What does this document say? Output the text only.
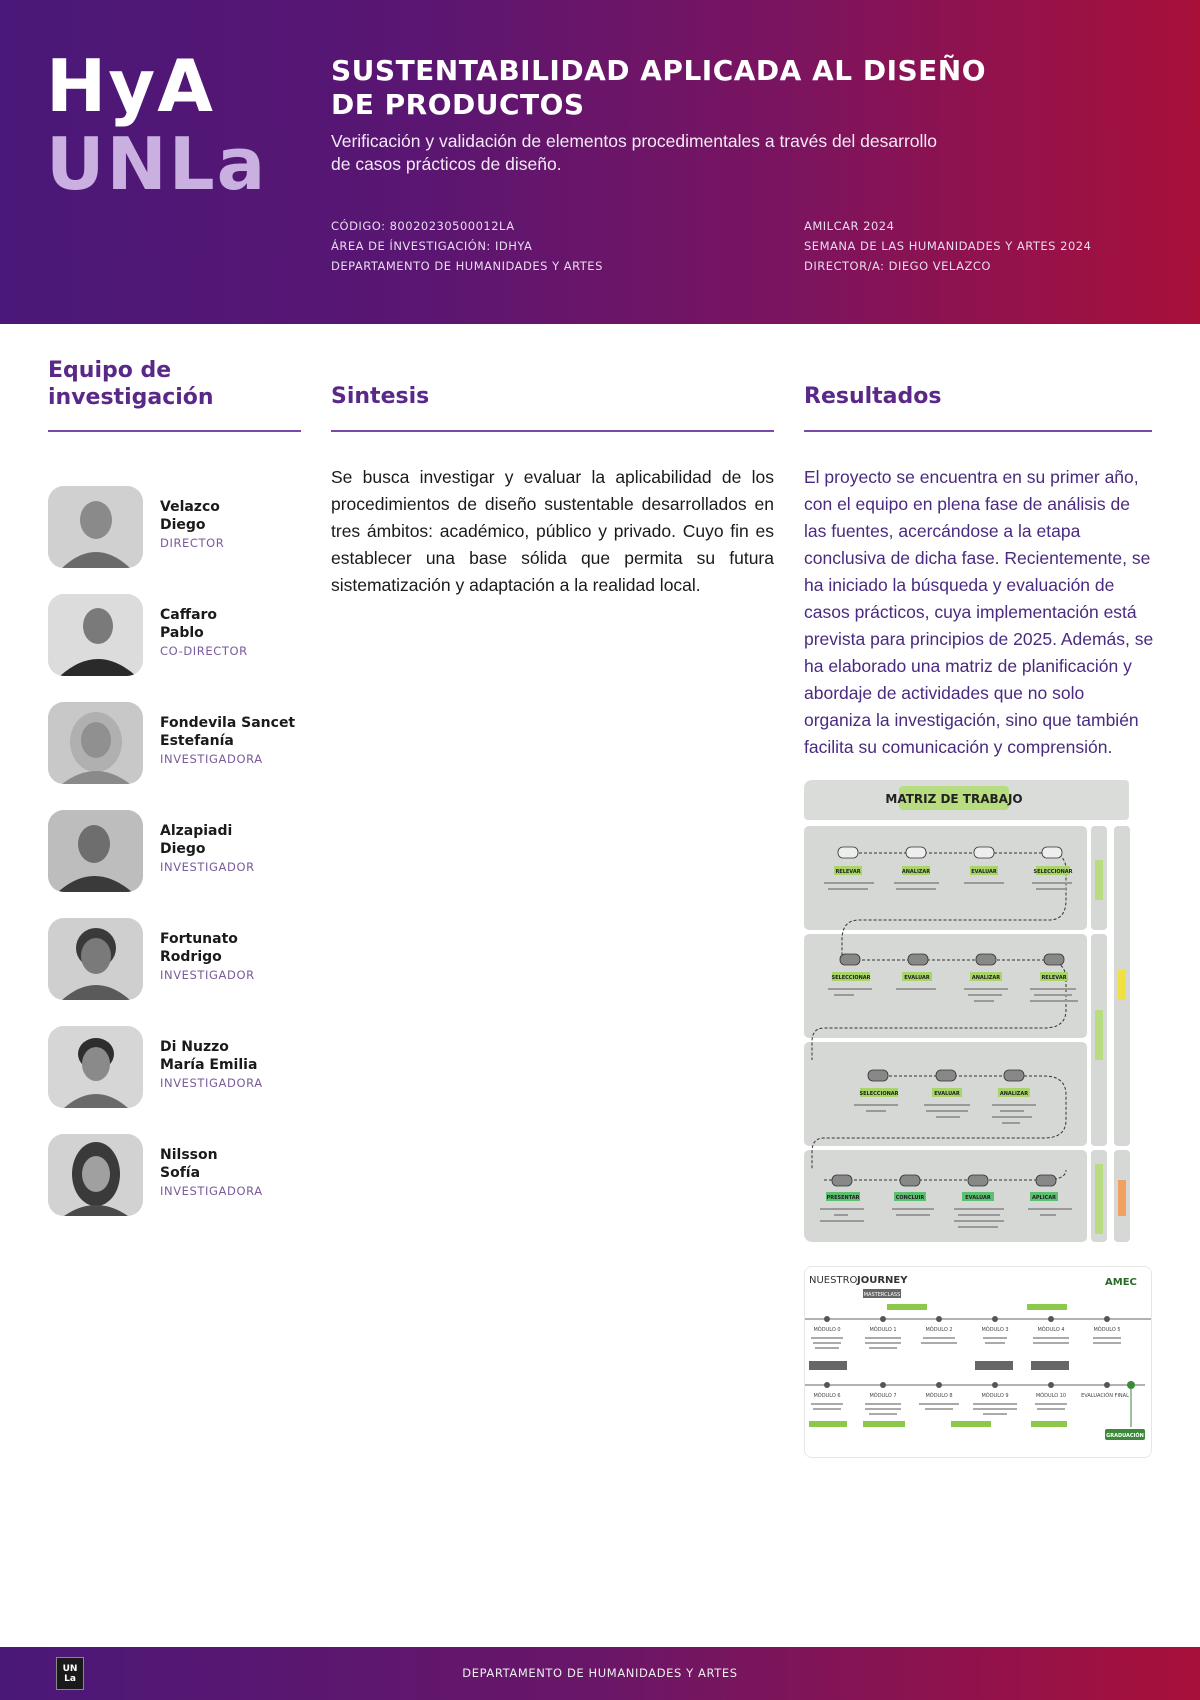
HyA
UNLa
SUSTENTABILIDAD APLICADA AL DISEÑO
DE PRODUCTOS
Verificación y validación de elementos procedimentales a través del desarrollo
de casos prácticos de diseño.
CÓDIGO: 80020230500012LA
ÁREA DE ÍNVESTIGACIÓN: IDHYA
DEPARTAMENTO DE HUMANIDADES Y ARTES
AMILCAR 2024
SEMANA DE LAS HUMANIDADES Y ARTES 2024
DIRECTOR/A: DIEGO VELAZCO
Equipo de
investigación	Sintesis	Resultados
Velazco
Diego
DIRECTOR
Caffaro
Pablo
CO-DIRECTOR
Fondevila Sancet
Estefanía
INVESTIGADORA
Alzapiadi
Diego
INVESTIGADOR
Fortunato
Rodrigo
INVESTIGADOR
Di Nuzzo
María Emilia
INVESTIGADORA
Nilsson
Sofía
INVESTIGADORA

Se busca investigar y evaluar la aplicabilidad de los procedimientos de diseño sustentable desarrollados en tres ámbitos: académico, público y privado. Cuyo fin es establecer una base sólida que permita su futura sistematización y adaptación a la realidad local.

El proyecto se encuentra en su primer año, con el equipo en plena fase de análisis de las fuentes, acercándose a la etapa conclusiva de dicha fase. Recientemente, se ha iniciado la búsqueda y evaluación de casos prácticos, cuya implementación está prevista para principios de 2025. Además, se ha elaborado una matriz de planificación y abordaje de actividades que no solo organiza la investigación, sino que también facilita su comunicación y comprensión.

MATRIZ DE TRABAJO
RELEVAR	ANALIZAR	EVALUAR	SELECCIONAR
SELECCIONAR	EVALUAR	ANALIZAR	RELEVAR
SELECCIONAR	EVALUAR	ANALIZAR
PRESENTAR	CONCLUIR	EVALUAR	APLICAR
NUESTRO JOURNEY	AMEC
MASTERCLASS
MÓDULO 0	MÓDULO 1	MÓDULO 2	MÓDULO 3	MÓDULO 4	MÓDULO 5
MÓDULO 6	MÓDULO 7	MÓDULO 8	MÓDULO 9	MÓDULO 10	EVALUACIÓN FINAL
GRADUACIÓN
UN La	DEPARTAMENTO DE HUMANIDADES Y ARTES
